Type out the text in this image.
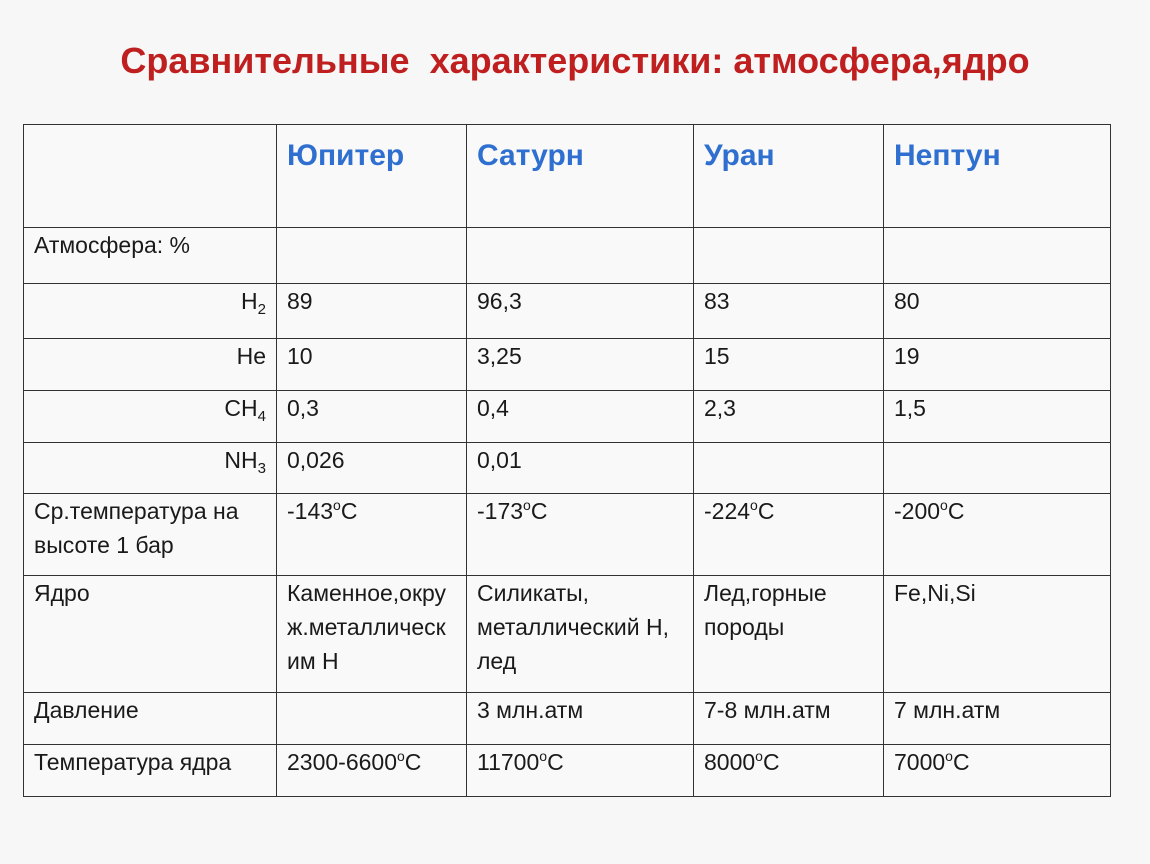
Сравнительные  характеристики: атмосфера,ядро
	Юпитер	Сатурн	Уран	Нептун
Атмосфера: %				
$H_2$	89	96,3	83	80
He	10	3,25	15	19
$CH_4$	0,3	0,4	2,3	1,5
$NH_3$	0,026	0,01		
Ср.температура на высоте 1 бар	-143$^o$C	-173$^o$C	-224$^o$C	-200$^o$C
Ядро	Каменное,окруж.металлическим Н	Силикаты, металлический Н, лед	Лед,горные породы	Fe,Ni,Si
Давление		3 млн.атм	7-8 млн.атм	7 млн.атм
Температура ядра	2300-6600$^o$C	11700$^o$C	8000$^o$C	7000$^o$C
